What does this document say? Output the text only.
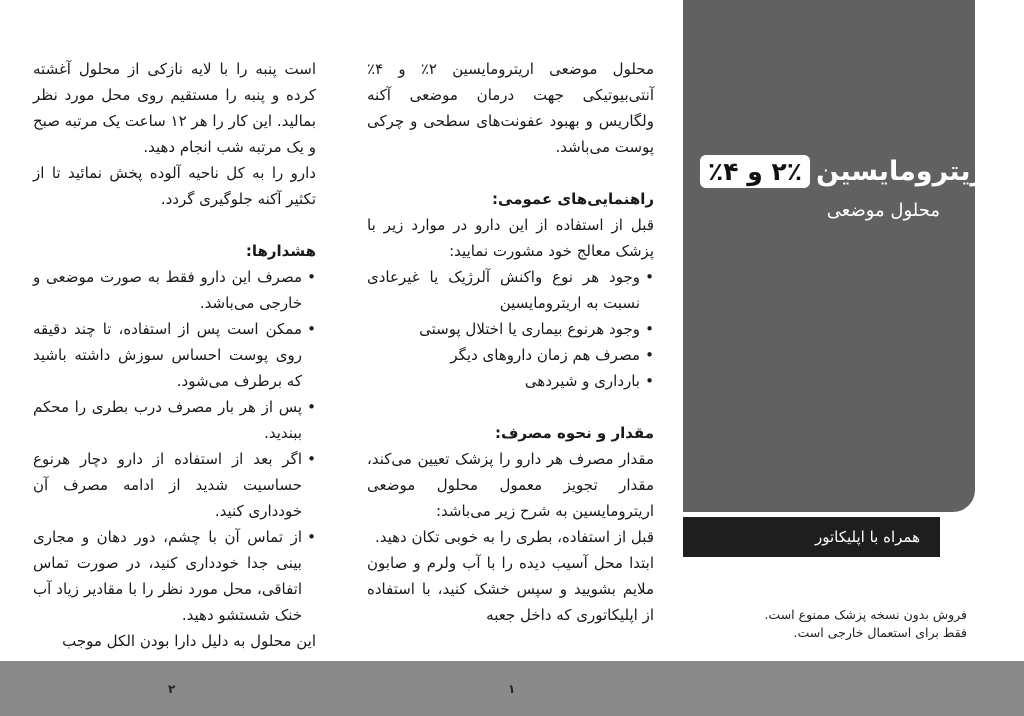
اریترومایسین
۲٪ و ۴٪
محلول موضعی
همراه با اپلیکاتور
فروش بدون نسخه پزشک ممنوع است.
فقط برای استعمال خارجی است.

محلول موضعی اریترومایسین ۲٪ و ۴٪ آنتی‌بیوتیکی جهت درمان موضعی آکنه ولگاریس و بهبود عفونت‌های سطحی و چرکی پوست می‌باشد.

راهنمایی‌های عمومی:

قبل از استفاده از این دارو در موارد زیر با پزشک معالج خود مشورت نمایید:

• وجود هر نوع واکنش آلرژیک یا غیرعادی نسبت به اریترومایسین
• وجود هرنوع بیماری یا اختلال پوستی
• مصرف هم زمان داروهای دیگر
• بارداری و شیردهی
مقدار و نحوه مصرف:

مقدار مصرف هر دارو را پزشک تعیین می‌کند، مقدار تجویز معمول محلول موضعی اریترومایسین به شرح زیر می‌باشد:

قبل از استفاده، بطری را به خوبی تکان دهید.

ابتدا محل آسیب دیده را با آب ولرم و صابون ملایم بشویید و سپس خشک کنید، با استفاده از اپلیکاتوری که داخل جعبه

است پنبه را با لایه نازکی از محلول آغشته کرده و پنبه را مستقیم روی محل مورد نظر بمالید. این کار را هر ۱۲ ساعت یک مرتبه صبح و یک مرتبه شب انجام دهید.

دارو را به کل ناحیه آلوده پخش نمائید تا از تکثیر آکنه جلوگیری گردد.

هشدارها:
• مصرف این دارو فقط به صورت موضعی و خارجی می‌باشد.
• ممکن است پس از استفاده، تا چند دقیقه روی پوست احساس سوزش داشته باشید که برطرف می‌شود.
• پس از هر بار مصرف درب بطری را محکم ببندید.
• اگر بعد از استفاده از دارو دچار هرنوع حساسیت شدید از ادامه مصرف آن خودداری کنید.
• از تماس آن با چشم، دور دهان و مجاری بینی جدا خودداری کنید، در صورت تماس اتفاقی، محل مورد نظر را با مقادیر زیاد آب خنک شستشو دهید.

این محلول به دلیل دارا بودن الکل موجب

۲	۱
